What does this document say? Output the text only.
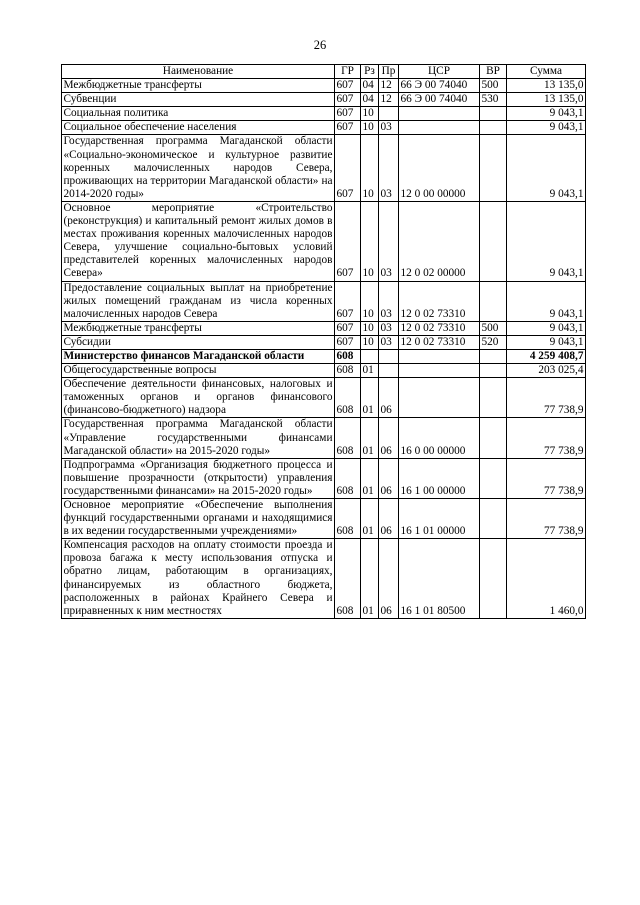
26
Наименование	ГР	Рз	Пр	ЦСР	ВР	Сумма
Межбюджетные трансферты	607	04	12	66 Э 00 74040	500	13 135,0
Субвенции	607	04	12	66 Э 00 74040	530	13 135,0
Социальная политика	607	10				9 043,1
Социальное обеспечение населения	607	10	03			9 043,1
Государственная программа Магаданской области «Социально-экономическое и культурное развитие коренных малочисленных народов Севера, проживающих на территории Магаданской области» на 2014-2020 годы»	607	10	03	12 0 00 00000		9 043,1
Основное мероприятие «Строительство (реконструкция) и капитальный ремонт жилых домов в местах проживания коренных малочисленных народов Севера, улучшение социально-бытовых условий представителей коренных малочисленных народов Севера»	607	10	03	12 0 02 00000		9 043,1
Предоставление социальных выплат на приобретение жилых помещений гражданам из числа коренных малочисленных народов Севера	607	10	03	12 0 02 73310		9 043,1
Межбюджетные трансферты	607	10	03	12 0 02 73310	500	9 043,1
Субсидии	607	10	03	12 0 02 73310	520	9 043,1
Министерство финансов Магаданской области	608					4 259 408,7
Общегосударственные вопросы	608	01				203 025,4
Обеспечение деятельности финансовых, налоговых и таможенных органов и органов финансового (финансово-бюджетного) надзора	608	01	06			77 738,9
Государственная программа Магаданской области «Управление государственными финансами Магаданской области» на 2015-2020 годы»	608	01	06	16 0 00 00000		77 738,9
Подпрограмма «Организация бюджетного процесса и повышение прозрачности (открытости) управления государственными финансами» на 2015-2020 годы»	608	01	06	16 1 00 00000		77 738,9
Основное мероприятие «Обеспечение выполнения функций государственными органами и находящимися в их ведении государственными учреждениями»	608	01	06	16 1 01 00000		77 738,9
Компенсация расходов на оплату стоимости проезда и провоза багажа к месту использования отпуска и обратно лицам, работающим в организациях, финансируемых из областного бюджета, расположенных в районах Крайнего Севера и приравненных к ним местностях	608	01	06	16 1 01 80500		1 460,0
